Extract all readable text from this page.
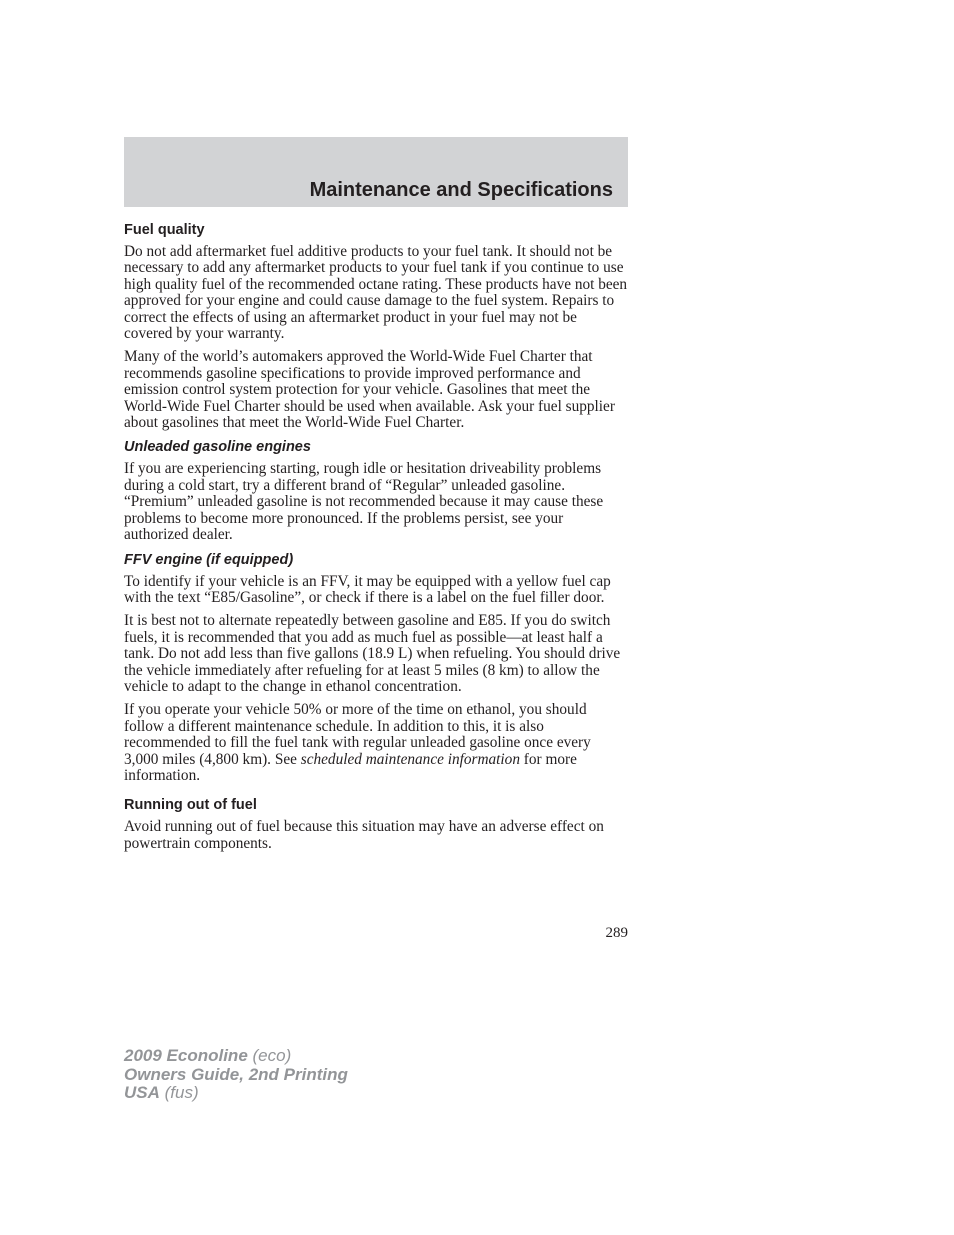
Maintenance and Specifications
Fuel quality

Do not add aftermarket fuel additive products to your fuel tank. It should not be necessary to add any aftermarket products to your fuel tank if you continue to use high quality fuel of the recommended octane rating. These products have not been approved for your engine and could cause damage to the fuel system. Repairs to correct the effects of using an aftermarket product in your fuel may not be covered by your warranty.

Many of the world’s automakers approved the World-Wide Fuel Charter that recommends gasoline specifications to provide improved performance and emission control system protection for your vehicle. Gasolines that meet the World-Wide Fuel Charter should be used when available. Ask your fuel supplier about gasolines that meet the World-Wide Fuel Charter.

Unleaded gasoline engines

If you are experiencing starting, rough idle or hesitation driveability problems during a cold start, try a different brand of “Regular” unleaded gasoline. “Premium” unleaded gasoline is not recommended because it may cause these problems to become more pronounced. If the problems persist, see your authorized dealer.

FFV engine (if equipped)

To identify if your vehicle is an FFV, it may be equipped with a yellow fuel cap with the text “E85/Gasoline”, or check if there is a label on the fuel filler door.

It is best not to alternate repeatedly between gasoline and E85. If you do switch fuels, it is recommended that you add as much fuel as possible—at least half a tank. Do not add less than five gallons (18.9 L) when refueling. You should drive the vehicle immediately after refueling for at least 5 miles (8 km) to allow the vehicle to adapt to the change in ethanol concentration.

If you operate your vehicle 50% or more of the time on ethanol, you should follow a different maintenance schedule. In addition to this, it is also recommended to fill the fuel tank with regular unleaded gasoline once every 3,000 miles (4,800 km). See scheduled maintenance information for more information.

Running out of fuel

Avoid running out of fuel because this situation may have an adverse effect on powertrain components.

289
2009 Econoline (eco)
Owners Guide, 2nd Printing
USA (fus)
